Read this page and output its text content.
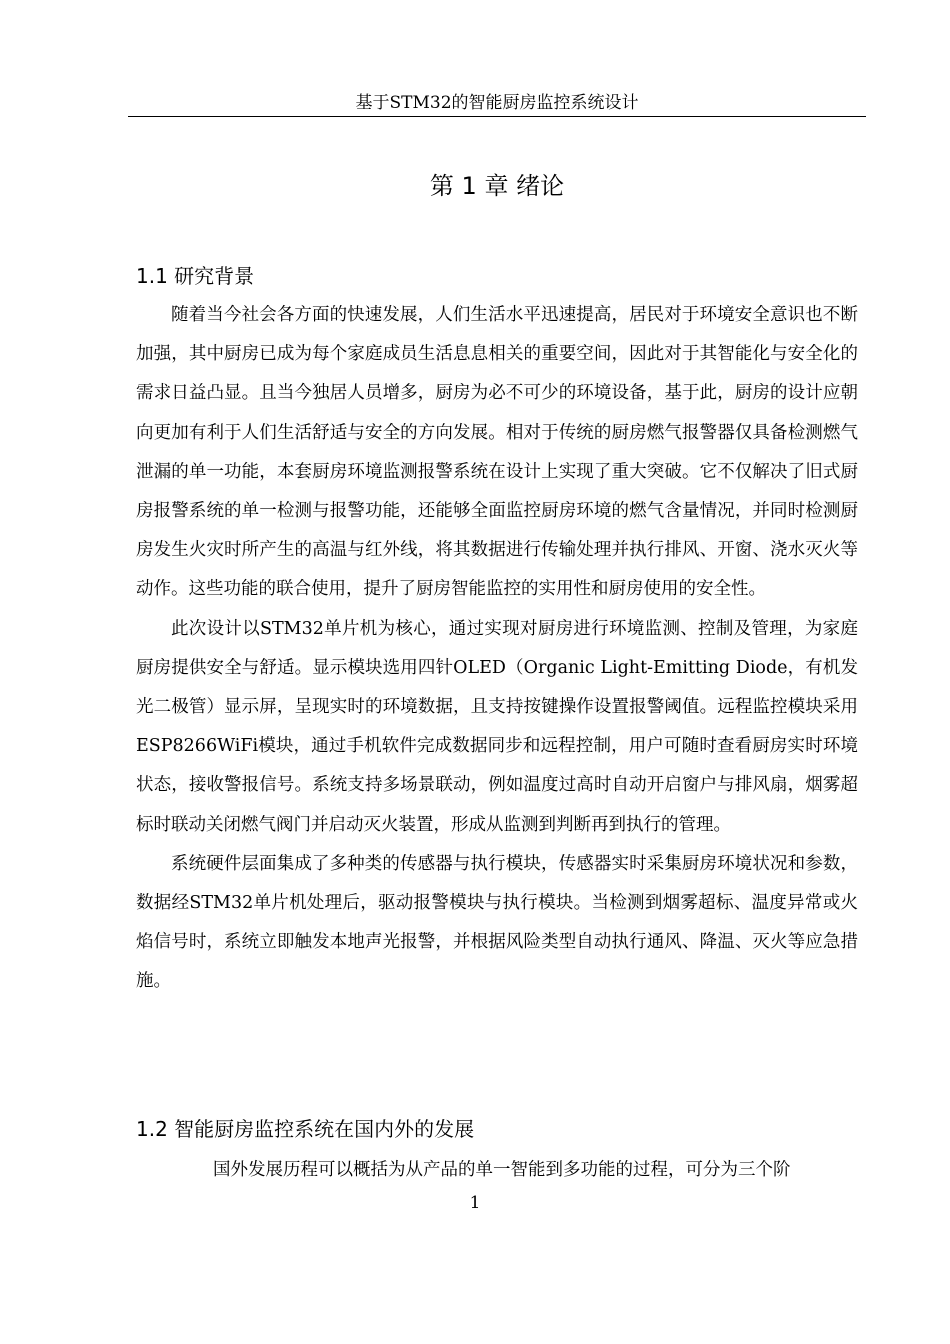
基于STM32的智能厨房监控系统设计
第 1 章 绪论
1.1 研究背景

随着当今社会各方面的快速发展，人们生活水平迅速提高，居民对于环境安全意识也不断加强，其中厨房已成为每个家庭成员生活息息相关的重要空间，因此对于其智能化与安全化的需求日益凸显。且当今独居人员增多，厨房为必不可少的环境设备，基于此，厨房的设计应朝向更加有利于人们生活舒适与安全的方向发展。相对于传统的厨房燃气报警器仅具备检测燃气泄漏的单一功能，本套厨房环境监测报警系统在设计上实现了重大突破。它不仅解决了旧式厨房报警系统的单一检测与报警功能，还能够全面监控厨房环境的燃气含量情况，并同时检测厨房发生火灾时所产生的高温与红外线，将其数据进行传输处理并执行排风、开窗、浇水灭火等动作。这些功能的联合使用，提升了厨房智能监控的实用性和厨房使用的安全性。

此次设计以STM32单片机为核心，通过实现对厨房进行环境监测、控制及管理，为家庭厨房提供安全与舒适。显示模块选用四针OLED（Organic Light-Emitting Diode，有机发光二极管）显示屏，呈现实时的环境数据，且支持按键操作设置报警阈值。远程监控模块采用ESP8266WiFi模块，通过手机软件完成数据同步和远程控制，用户可随时查看厨房实时环境状态，接收警报信号。系统支持多场景联动，例如温度过高时自动开启窗户与排风扇，烟雾超标时联动关闭燃气阀门并启动灭火装置，形成从监测到判断再到执行的管理。

系统硬件层面集成了多种类的传感器与执行模块，传感器实时采集厨房环境状况和参数，数据经STM32单片机处理后，驱动报警模块与执行模块。当检测到烟雾超标、温度异常或火焰信号时，系统立即触发本地声光报警，并根据风险类型自动执行通风、降温、灭火等应急措施。

1.2 智能厨房监控系统在国内外的发展

国外发展历程可以概括为从产品的单一智能到多功能的过程，可分为三个阶

1
